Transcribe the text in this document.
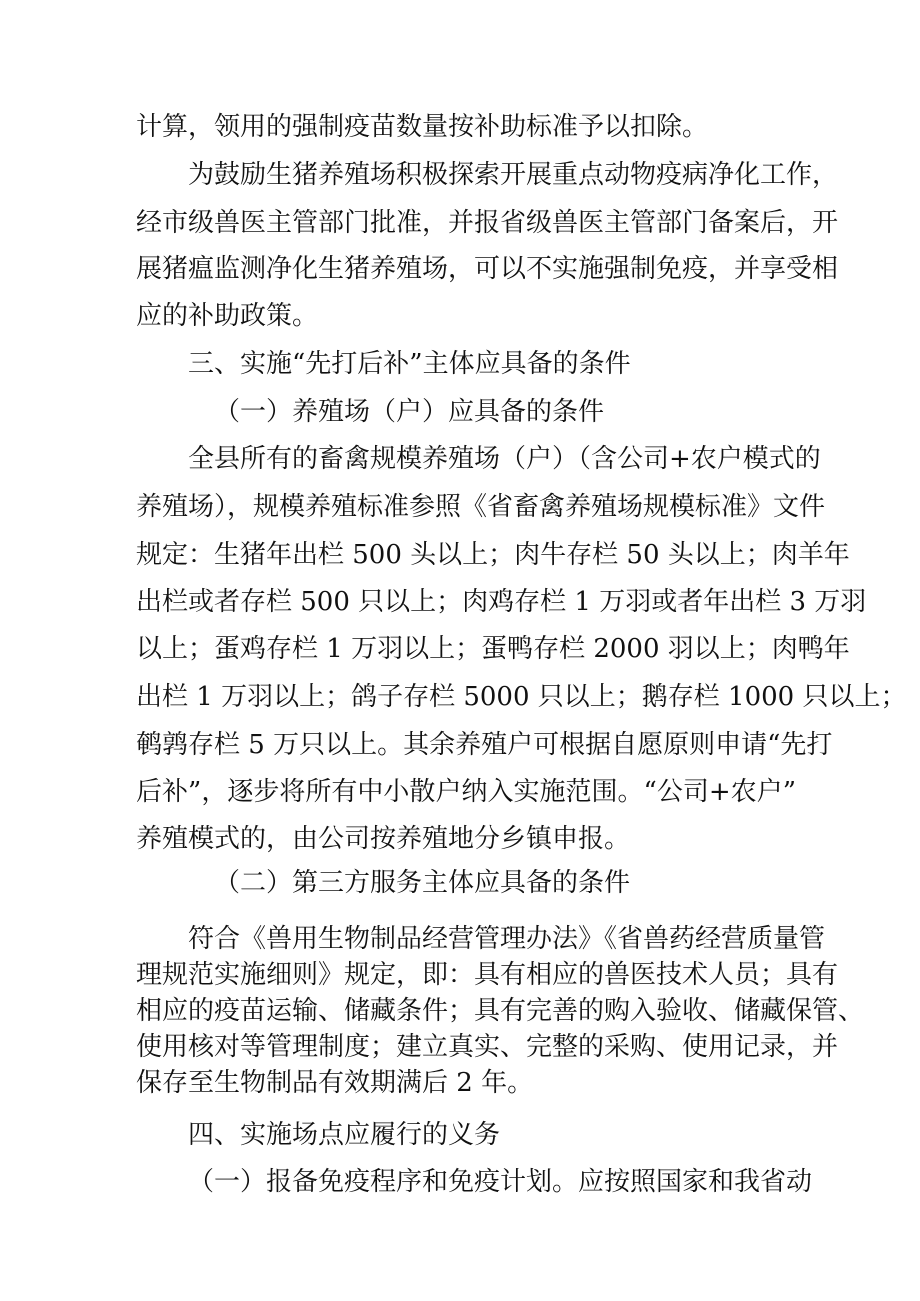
计算，领用的强制疫苗数量按补助标准予以扣除。
为鼓励生猪养殖场积极探索开展重点动物疫病净化工作，
经市级兽医主管部门批准，并报省级兽医主管部门备案后，开
展猪瘟监测净化生猪养殖场，可以不实施强制免疫，并享受相
应的补助政策。
三、实施“先打后补”主体应具备的条件
（一）养殖场（户）应具备的条件
全县所有的畜禽规模养殖场（户）（含公司+农户模式的
养殖场），规模养殖标准参照《省畜禽养殖场规模标准》文件
规定：生猪年出栏 500 头以上；肉牛存栏 50 头以上；肉羊年
出栏或者存栏 500 只以上；肉鸡存栏 1 万羽或者年出栏 3 万羽
以上；蛋鸡存栏 1 万羽以上；蛋鸭存栏 2000 羽以上；肉鸭年
出栏 1 万羽以上；鸽子存栏 5000 只以上；鹅存栏 1000 只以上；
鹌鹑存栏 5 万只以上。其余养殖户可根据自愿原则申请“先打
后补”，逐步将所有中小散户纳入实施范围。“公司+农户”
养殖模式的，由公司按养殖地分乡镇申报。
（二）第三方服务主体应具备的条件
符合《兽用生物制品经营管理办法》《省兽药经营质量管
理规范实施细则》规定，即：具有相应的兽医技术人员；具有
相应的疫苗运输、储藏条件；具有完善的购入验收、储藏保管、
使用核对等管理制度；建立真实、完整的采购、使用记录，并
保存至生物制品有效期满后 2 年。
四、实施场点应履行的义务
（一）报备免疫程序和免疫计划。应按照国家和我省动
